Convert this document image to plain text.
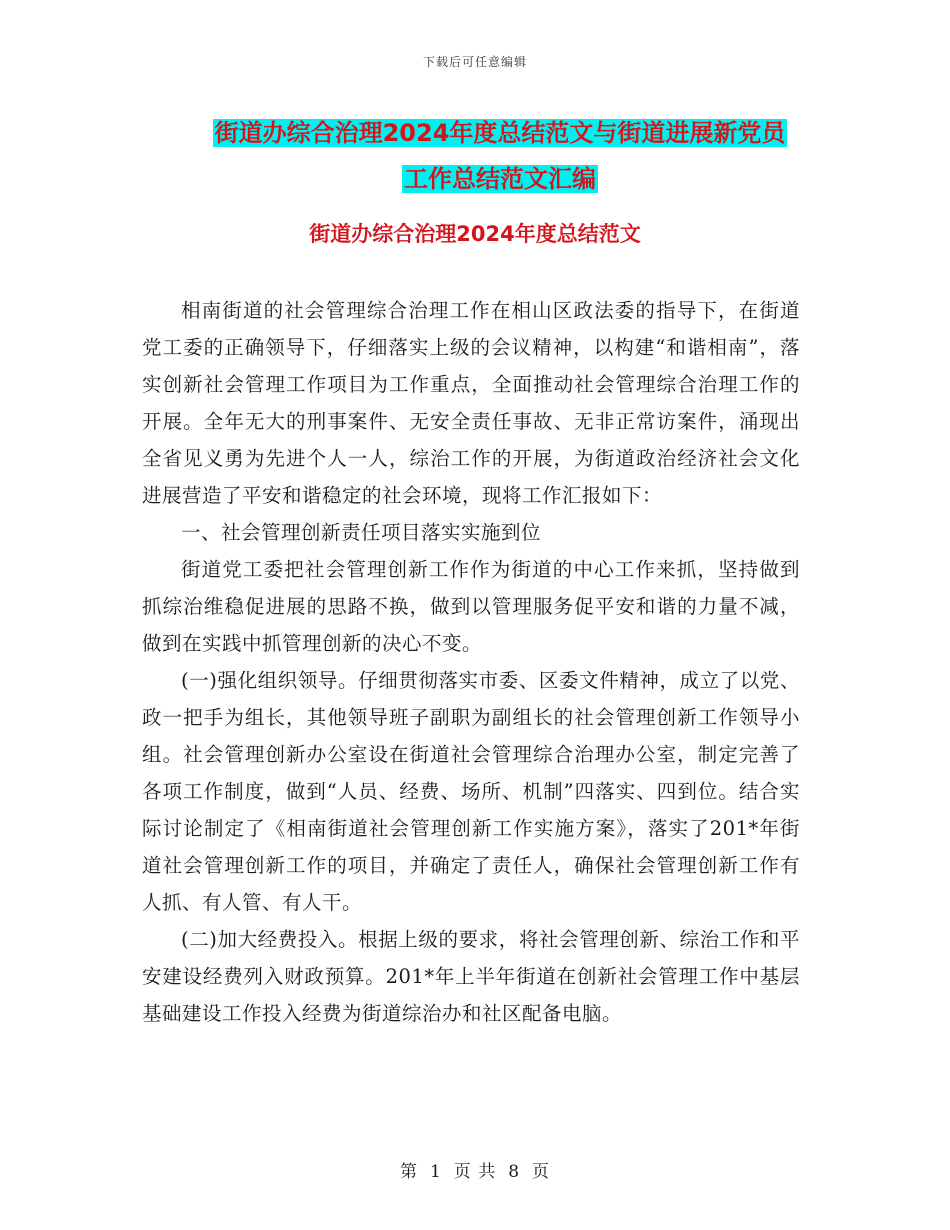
下载后可任意编辑
街道办综合治理2024年度总结范文与街道进展新党员
工作总结范文汇编
街道办综合治理2024年度总结范文

相南街道的社会管理综合治理工作在相山区政法委的指导下，在街道党工委的正确领导下，仔细落实上级的会议精神，以构建“和谐相南”，落实创新社会管理工作项目为工作重点，全面推动社会管理综合治理工作的开展。全年无大的刑事案件、无安全责任事故、无非正常访案件，涌现出全省见义勇为先进个人一人，综治工作的开展，为街道政治经济社会文化进展营造了平安和谐稳定的社会环境，现将工作汇报如下：

一、社会管理创新责任项目落实实施到位

街道党工委把社会管理创新工作作为街道的中心工作来抓，坚持做到抓综治维稳促进展的思路不换，做到以管理服务促平安和谐的力量不减，做到在实践中抓管理创新的决心不变。

(一)强化组织领导。仔细贯彻落实市委、区委文件精神，成立了以党、政一把手为组长，其他领导班子副职为副组长的社会管理创新工作领导小组。社会管理创新办公室设在街道社会管理综合治理办公室，制定完善了各项工作制度，做到“人员、经费、场所、机制”四落实、四到位。结合实际讨论制定了《相南街道社会管理创新工作实施方案》，落实了201*年街道社会管理创新工作的项目，并确定了责任人，确保社会管理创新工作有人抓、有人管、有人干。

(二)加大经费投入。根据上级的要求，将社会管理创新、综治工作和平安建设经费列入财政预算。201*年上半年街道在创新社会管理工作中基层基础建设工作投入经费为街道综治办和社区配备电脑。

第 1 页 共 8 页
